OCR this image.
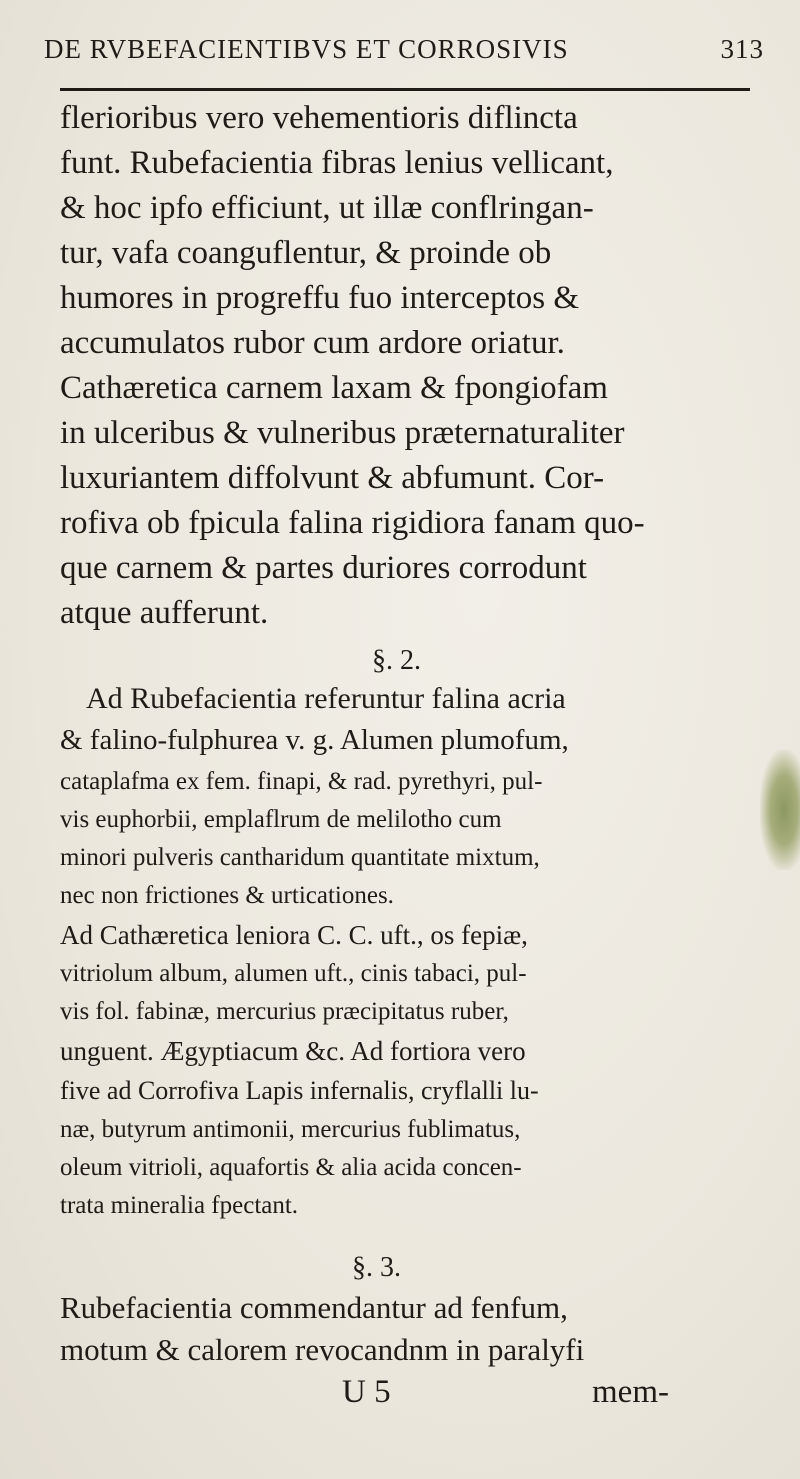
DE RVBEFACIENTIBVS ET CORROSIVIS	313
flerioribus vero vehementioris diflincta
funt. Rubefacientia fibras lenius vellicant,
& hoc ipfo efficiunt, ut illæ conflringan-
tur, vafa coanguflentur, & proinde ob
humores in progreffu fuo interceptos &
accumulatos rubor cum ardore oriatur.
Cathæretica carnem laxam & fpongiofam
in ulceribus & vulneribus præternaturaliter
luxuriantem diffolvunt & abfumunt. Cor-
rofiva ob fpicula falina rigidiora fanam quo-
que carnem & partes duriores corrodunt
atque aufferunt.
§. 2.
Ad Rubefacientia referuntur falina acria
& falino-fulphurea v. g. Alumen plumofum,
cataplafma ex fem. finapi, & rad. pyrethyri, pul-
vis euphorbii, emplaflrum de melilotho cum
minori pulveris cantharidum quantitate mixtum,
nec non frictiones & urticationes.
Ad Cathæretica leniora C. C. uft., os fepiæ,
vitriolum album, alumen uft., cinis tabaci, pul-
vis fol. fabinæ, mercurius præcipitatus ruber,
unguent. Ægyptiacum &c. Ad fortiora vero
five ad Corrofiva Lapis infernalis, cryflalli lu-
næ, butyrum antimonii, mercurius fublimatus,
oleum vitrioli, aquafortis & alia acida concen-
trata mineralia fpectant.
§. 3.
Rubefacientia commendantur ad fenfum,
motum & calorem revocandnm in paralyfi
U 5	mem-
